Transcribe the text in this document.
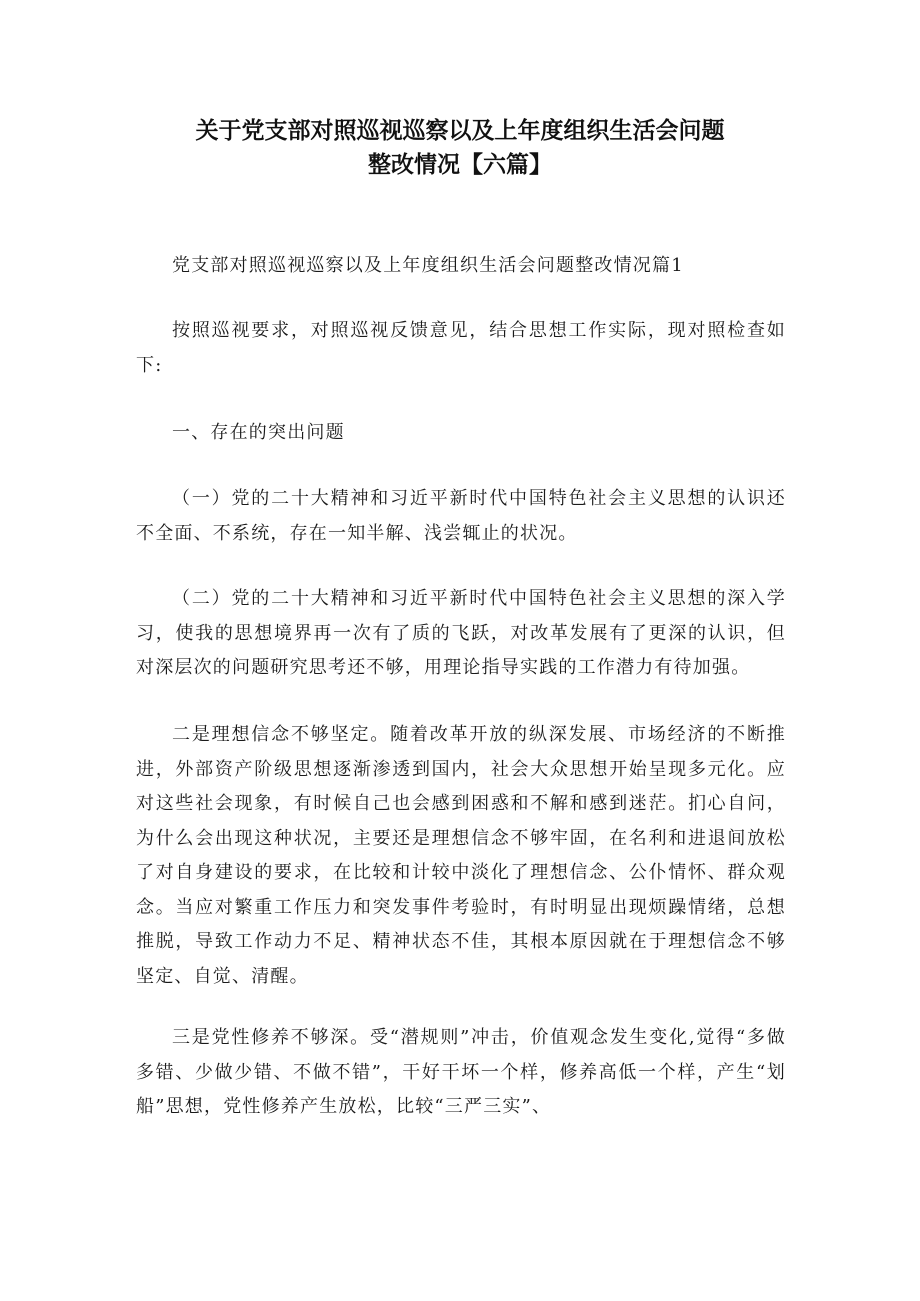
关于党支部对照巡视巡察以及上年度组织生活会问题
整改情况【六篇】

党支部对照巡视巡察以及上年度组织生活会问题整改情况篇1

按照巡视要求，对照巡视反馈意见，结合思想工作实际，现对照检查如下:

一、存在的突出问题

（一）党的二十大精神和习近平新时代中国特色社会主义思想的认识还不全面、不系统，存在一知半解、浅尝辄止的状况。

（二）党的二十大精神和习近平新时代中国特色社会主义思想的深入学习，使我的思想境界再一次有了质的飞跃，对改革发展有了更深的认识，但对深层次的问题研究思考还不够，用理论指导实践的工作潜力有待加强。

二是理想信念不够坚定。随着改革开放的纵深发展、市场经济的不断推进，外部资产阶级思想逐渐渗透到国内，社会大众思想开始呈现多元化。应对这些社会现象，有时候自己也会感到困惑和不解和感到迷茫。扪心自问，为什么会出现这种状况，主要还是理想信念不够牢固，在名利和进退间放松了对自身建设的要求，在比较和计较中淡化了理想信念、公仆情怀、群众观念。当应对繁重工作压力和突发事件考验时，有时明显出现烦躁情绪，总想推脱，导致工作动力不足、精神状态不佳，其根本原因就在于理想信念不够坚定、自觉、清醒。

三是党性修养不够深。受“潜规则”冲击，价值观念发生变化,觉得“多做多错、少做少错、不做不错”，干好干坏一个样，修养高低一个样，产生“划船”思想，党性修养产生放松，比较“三严三实”、
